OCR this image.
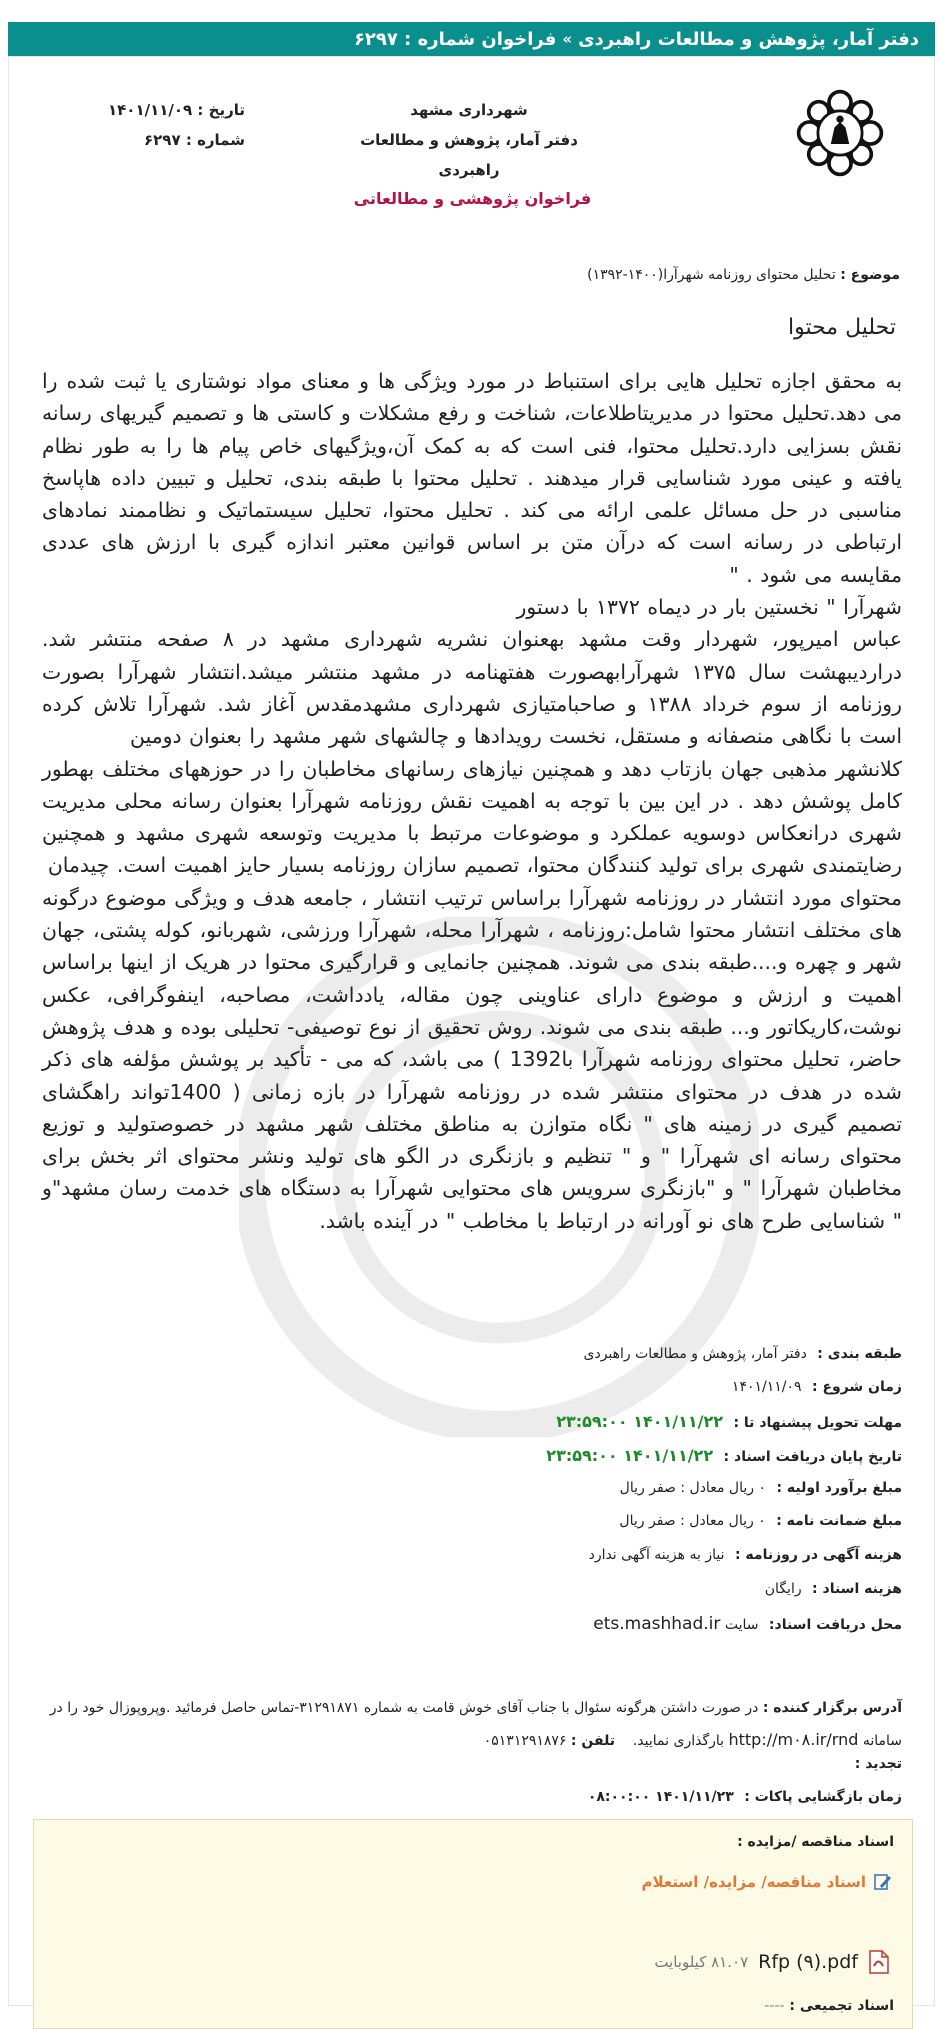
دفتر آمار، پژوهش و مطالعات راهبردی
»
فراخوان شماره : ۶۲۹۷
شهرداری مشهد
دفتر آمار، پژوهش و مطالعات راهبردی
تاریخ : ۱۴۰۱/۱۱/۰۹
شماره : ۶۲۹۷
فراخوان پژوهشی و مطالعاتی
موضوع : تحلیل محتوای روزنامه شهرآرا(۱۴۰۰-۱۳۹۲)
تحلیل محتوا

به محقق اجازه تحلیل هایی برای استنباط در مورد ویژگی ها و معنای مواد نوشتاری یا ثبت شده را می دهد.تحلیل محتوا در مدیریتاطلاعات، شناخت و رفع مشکلات و کاستی ها و تصمیم گیریهای رسانه نقش بسزایی دارد.تحلیل محتوا، فنی است که به کمک آن،ویژگیهای خاص پیام ها را به طور نظام یافته و عینی مورد شناسایی قرار میدهند . تحلیل محتوا با طبقه بندی، تحلیل و تبیین داده هاپاسخ مناسبی در حل مسائل علمی ارائه می کند . تحلیل محتوا، تحلیل سیستماتیک و نظاممند نمادهای ارتباطی در رسانه است که درآن متن بر اساس قوانین معتبر اندازه گیری با ارزش های عددی مقایسه می شود . "

شهرآرا " نخستین بار در دیماه ۱۳۷۲ با دستور

عباس امیرپور، شهردار وقت مشهد بهعنوان نشریه شهرداری مشهد در ۸ صفحه منتشر شد. درارديبهشت سال ۱۳۷۵ شهرآرابهصورت هفتهنامه در مشهد منتشر میشد.انتشار شهرآرا بصورت روزنامه از سوم خرداد ۱۳۸۸ و صاحبامتیازی شهرداری مشهدمقدس آغاز شد. شهرآرا تلاش کرده است با نگاهی منصفانه و مستقل، نخست رویدادها و چالشهای شهر مشهد را بعنوان دومین

کلانشهر مذهبی جهان بازتاب دهد و همچنین نیازهای رسانهای مخاطبان را در حوزههای مختلف بهطور کامل پوشش دهد . در این بین با توجه به اهمیت نقش روزنامه شهرآرا بعنوان رسانه محلی مدیریت شهری درانعکاس دوسویه عملکرد و موضوعات مرتبط با مدیریت وتوسعه شهری مشهد و همچنین رضایتمندی شهری برای تولید کنندگان محتوا، تصمیم سازان روزنامه بسیار حایز اهمیت است. چیدمان

محتوای مورد انتشار در روزنامه شهرآرا براساس ترتیب انتشار ، جامعه هدف و ویژگی موضوع درگونه های مختلف انتشار محتوا شامل:روزنامه ، شهرآرا محله، شهرآرا ورزشی، شهربانو، کوله پشتی، جهان شهر و چهره و....طبقه بندی می شوند. همچنین جانمایی و قرارگیری محتوا در هریک از اینها براساس اهمیت و ارزش و موضوع دارای عناوینی چون مقاله، یادداشت، مصاحبه، اینفوگرافی، عکس نوشت،کاریکاتور و... طبقه بندی می شوند. روش تحقیق از نوع توصیفی- تحلیلی بوده و هدف پژوهش حاضر، تحلیل محتوای روزنامه شهرآرا با1392 ) می باشد، که می - تأکید بر پوشش مؤلفه های ذکر شده در هدف در محتوای منتشر شده در روزنامه شهرآرا در بازه زمانی ( 1400تواند راهگشای تصمیم گیری در زمینه های " نگاه متوازن به مناطق مختلف شهر مشهد در خصوصتولید و توزیع محتوای رسانه ای شهرآرا " و " تنظیم و بازنگری در الگو های تولید ونشر محتوای اثر بخش برای مخاطبان شهرآرا " و "بازنگری سرویس های محتوایی شهرآرا به دستگاه های خدمت رسان مشهد"و " شناسایی طرح های نو آورانه در ارتباط با مخاطب " در آینده باشد.

طبقه بندی : دفتر آمار، پژوهش و مطالعات راهبردی
زمان شروع : ۱۴۰۱/۱۱/۰۹
مهلت تحویل پیشنهاد تا : ۱۴۰۱/۱۱/۲۲ ۲۳:۵۹:۰۰
تاریخ پایان دریافت اسناد : ۱۴۰۱/۱۱/۲۲ ۲۳:۵۹:۰۰
مبلغ برآورد اولیه : ۰ ریال معادل : صفر ریال
مبلغ ضمانت نامه : ۰ ریال معادل : صفر ریال
هزینه آگهی در روزنامه : نیاز به هزینه آگهی ندارد
هزینه اسناد : رایگان
محل دریافت اسناد: سایت ets.mashhad.ir
آدرس برگزار کننده : در صورت داشتن هرگونه سئوال با جناب آقای خوش قامت به شماره ۳۱۲۹۱۸۷۱-تماس حاصل فرمائید .وپروپوزال خود را در سامانه http://m۰۸.ir/rnd بارگذاری نمایید.    تلفن : ۰۵۱۳۱۲۹۱۸۷۶
تجدید :
زمان بازگشایی پاکات : ۱۴۰۱/۱۱/۲۳ ۰۸:۰۰:۰۰
اسناد مناقصه /مزایده :
اسناد مناقصه/ مزایده/ استعلام
Rfp (۹).pdf
۸۱.۰۷ کیلوبایت
اسناد تجمیعی : ----
